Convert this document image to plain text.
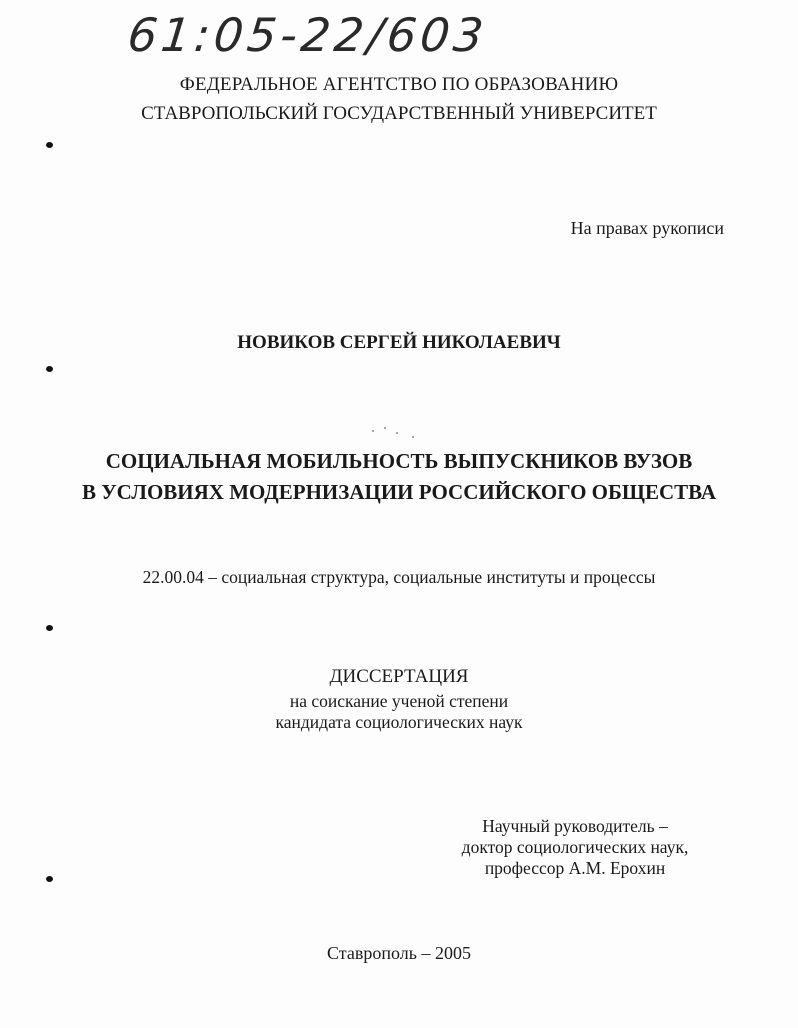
61:05-22/603
ФЕДЕРАЛЬНОЕ АГЕНТСТВО ПО ОБРАЗОВАНИЮ
СТАВРОПОЛЬСКИЙ ГОСУДАРСТВЕННЫЙ УНИВЕРСИТЕТ
На правах рукописи
НОВИКОВ СЕРГЕЙ НИКОЛАЕВИЧ
СОЦИАЛЬНАЯ МОБИЛЬНОСТЬ ВЫПУСКНИКОВ ВУЗОВ
В УСЛОВИЯХ МОДЕРНИЗАЦИИ РОССИЙСКОГО ОБЩЕСТВА
22.00.04 – социальная структура, социальные институты и процессы
ДИССЕРТАЦИЯ
на соискание ученой степени
кандидата социологических наук
Научный руководитель –
доктор социологических наук,
профессор А.М. Ерохин
Ставрополь – 2005
